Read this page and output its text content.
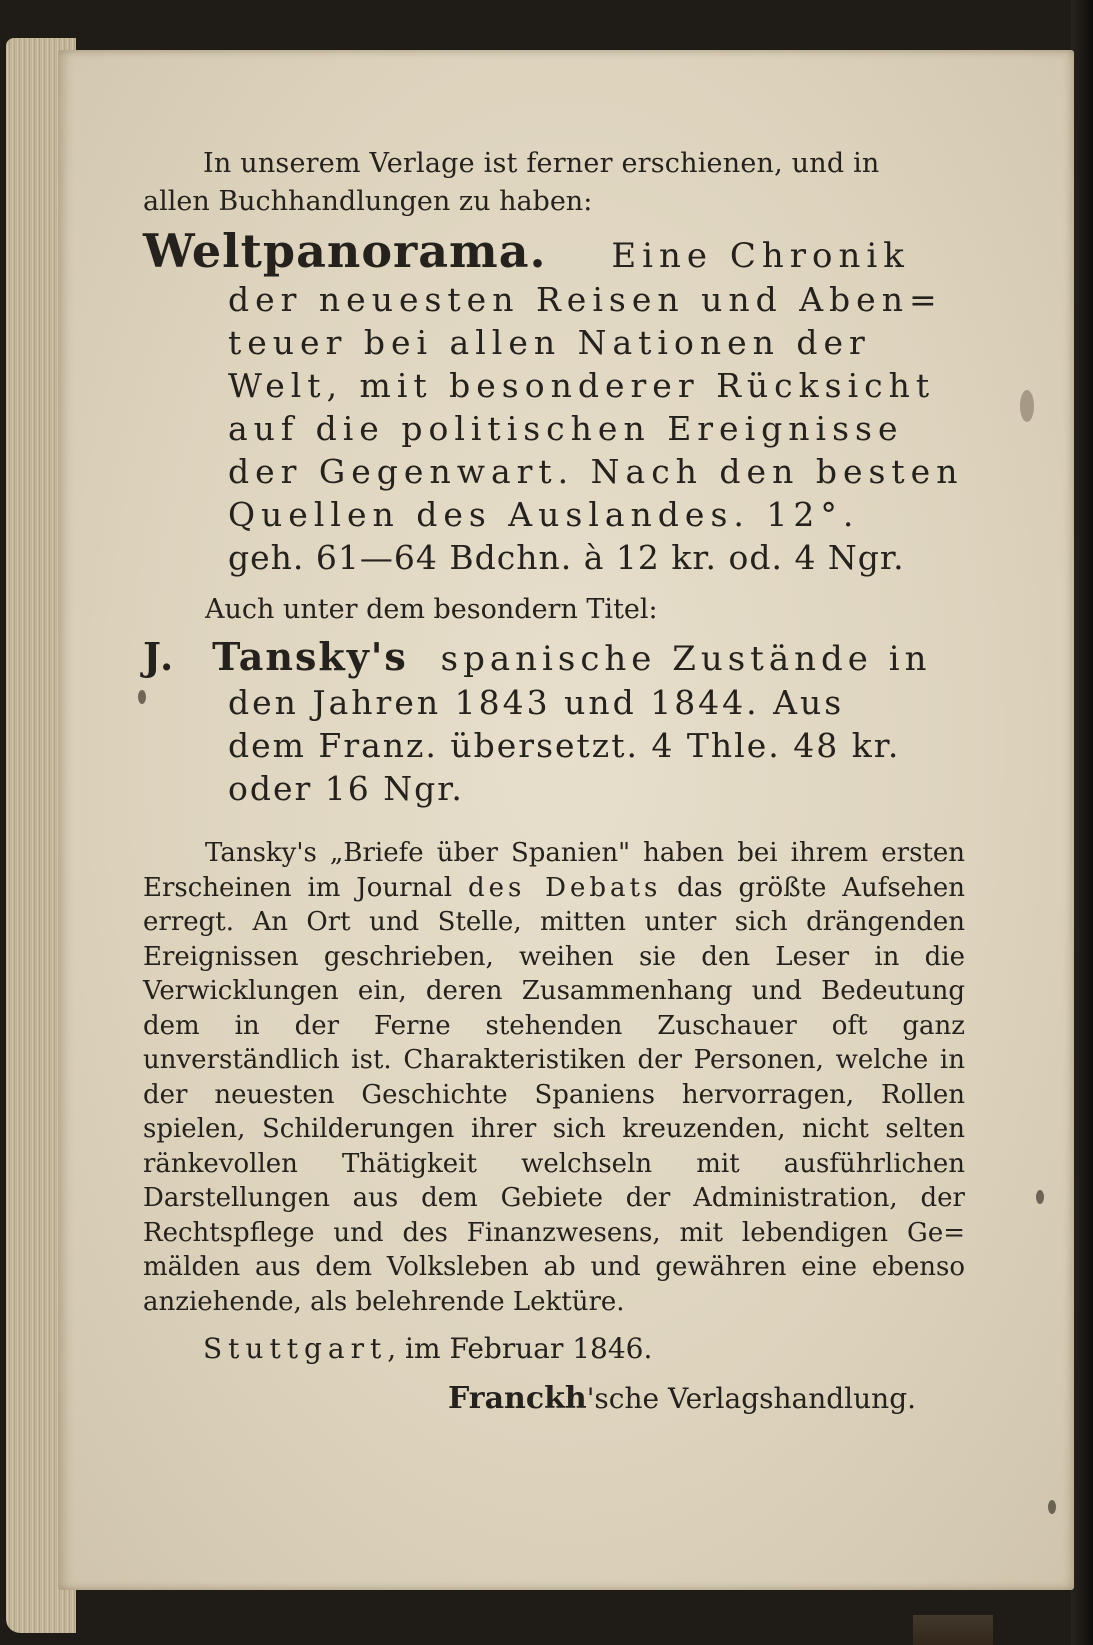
In unserem Verlage ist ferner erschienen, und in

allen Buchhandlungen zu haben:

Weltpanorama. Eine Chronik

der neuesten Reisen und Aben=

teuer bei allen Nationen der

Welt, mit besonderer Rücksicht

auf die politischen Ereignisse

der Gegenwart. Nach den besten

Quellen des Auslandes. 12°.

geh. 61—64 Bdchn. à 12 kr. od. 4 Ngr.

Auch unter dem besondern Titel:

J. Tansky's spanische Zustände in

den Jahren 1843 und 1844. Aus

dem Franz. übersetzt. 4 Thle. 48 kr.

oder 16 Ngr.

Tansky's „Briefe über Spanien" haben bei ihrem ersten Erscheinen im Journal des Debats das größte Aufsehen erregt. An Ort und Stelle, mitten unter sich drängenden Ereignissen geschrieben, weihen sie den Leser in die Verwicklungen ein, deren Zusammenhang und Bedeutung dem in der Ferne stehenden Zuschauer oft ganz unverständlich ist. Charakteristiken der Personen, welche in der neuesten Geschichte Spaniens hervorragen, Rollen spielen, Schilderungen ihrer sich kreuzenden, nicht selten ränkevollen Thätigkeit welchseln mit ausführlichen Darstellungen aus dem Gebiete der Administration, der Rechtspflege und des Finanzwesens, mit lebendigen Ge= mälden aus dem Volksleben ab und gewähren eine ebenso anziehende, als belehrende Lektüre.

Stuttgart, im Februar 1846.

Franckh'sche Verlagshandlung.
